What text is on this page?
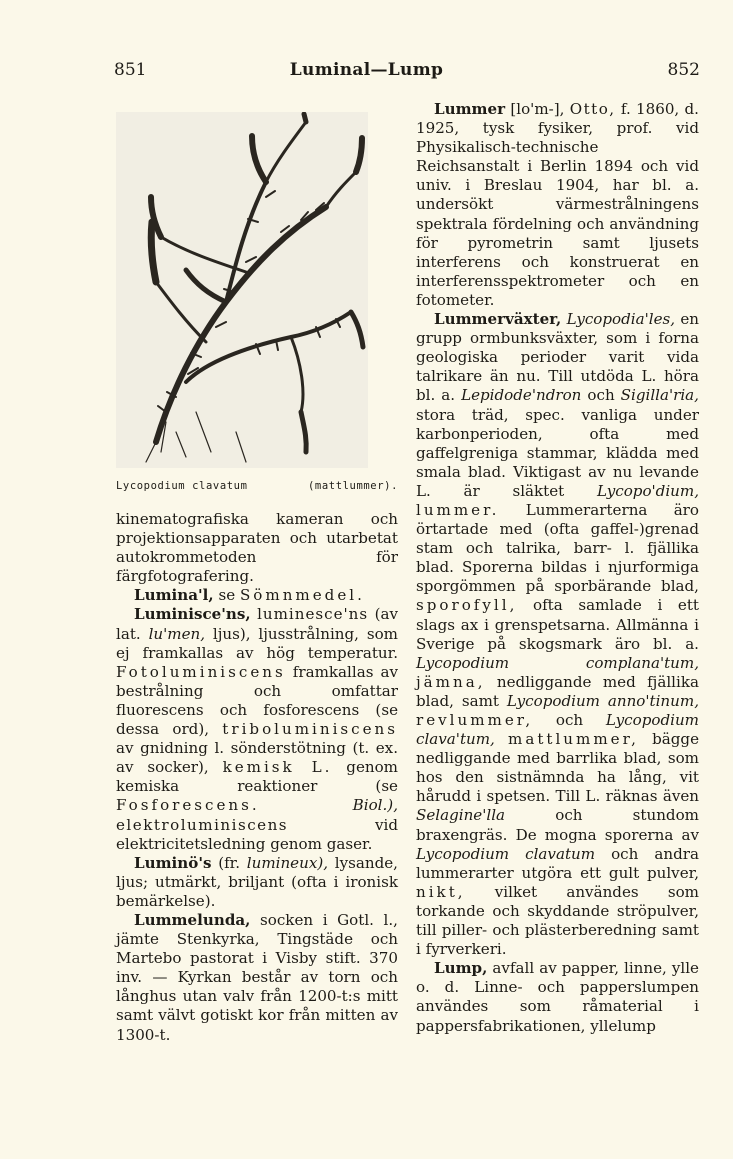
851	Luminal—Lump	852
Lycopodium clavatum	(mattlummer).

kinematografiska kameran och projektionsapparaten och utarbetat autokrommetoden för färgfotografering.

Lumina'l, se Sömnmedel.

Luminisce'ns, luminesce'ns (av lat. lu'men, ljus), ljusstrålning, som ej framkallas av hög temperatur. Fotoluminiscens framkallas av bestrålning och omfattar fluorescens och fosforescens (se dessa ord), triboluminiscens av gnidning l. sönderstötning (t. ex. av socker), kemisk L. genom kemiska reaktioner (se Fosforescens.	Biol.), elektroluminiscens	vid elektricitetsledning genom gaser.

Luminö's (fr. lumineux), lysande, ljus; utmärkt, briljant (ofta i ironisk bemärkelse).

Lummelunda, socken i Gotl. l., jämte Stenkyrka, Tingstäde och Martebo pastorat i Visby stift. 370 inv. — Kyrkan består av torn och långhus utan valv från 1200-t:s mitt samt välvt gotiskt kor från mitten av 1300-t.

Lummer [lo'm-], Otto, f. 1860, d. 1925, tysk fysiker, prof. vid Physikalisch-technische Reichsanstalt i Berlin 1894 och vid univ. i Breslau 1904, har bl. a. undersökt värmestrålningens spektrala fördelning och användning för pyrometrin samt ljusets interferens och konstruerat en interferensspektrometer och en fotometer.

Lummerväxter, Lycopodia'les, en grupp ormbunksväxter, som i forna geologiska perioder varit vida talrikare än nu. Till utdöda L. höra bl. a. Lepidode'ndron och Sigilla'ria, stora träd, spec. vanliga under karbonperioden, ofta med gaffelgreniga stammar, klädda med smala blad. Viktigast av nu levande L. är släktet Lycopo'dium, lummer. Lummerarterna äro örtartade med (ofta gaffel-)grenad stam och talrika, barr- l. fjällika blad. Sporerna bildas i njurformiga sporgömmen på sporbärande blad, sporofyll, ofta samlade i ett slags ax i grenspetsarna. Allmänna i Sverige på skogsmark äro bl. a. Lycopodium complana'tum, jämna, nedliggande med fjällika blad, samt Lycopodium anno'tinum, revlummer, och Lycopodium clava'tum, mattlummer, bägge nedliggande med barrlika blad, som hos den sistnämnda ha lång, vit hårudd i spetsen. Till L. räknas även Selagine'lla	och stundom braxengräs. De mogna sporerna av Lycopodium clavatum och andra lummerarter utgöra ett gult pulver, nikt, vilket användes som torkande och skyddande ströpulver, till piller- och plästerberedning samt i fyrverkeri.

Lump, avfall av papper, linne, ylle o. d. Linne- och papperslumpen användes som råmaterial i pappersfabrikationen, yllelump
